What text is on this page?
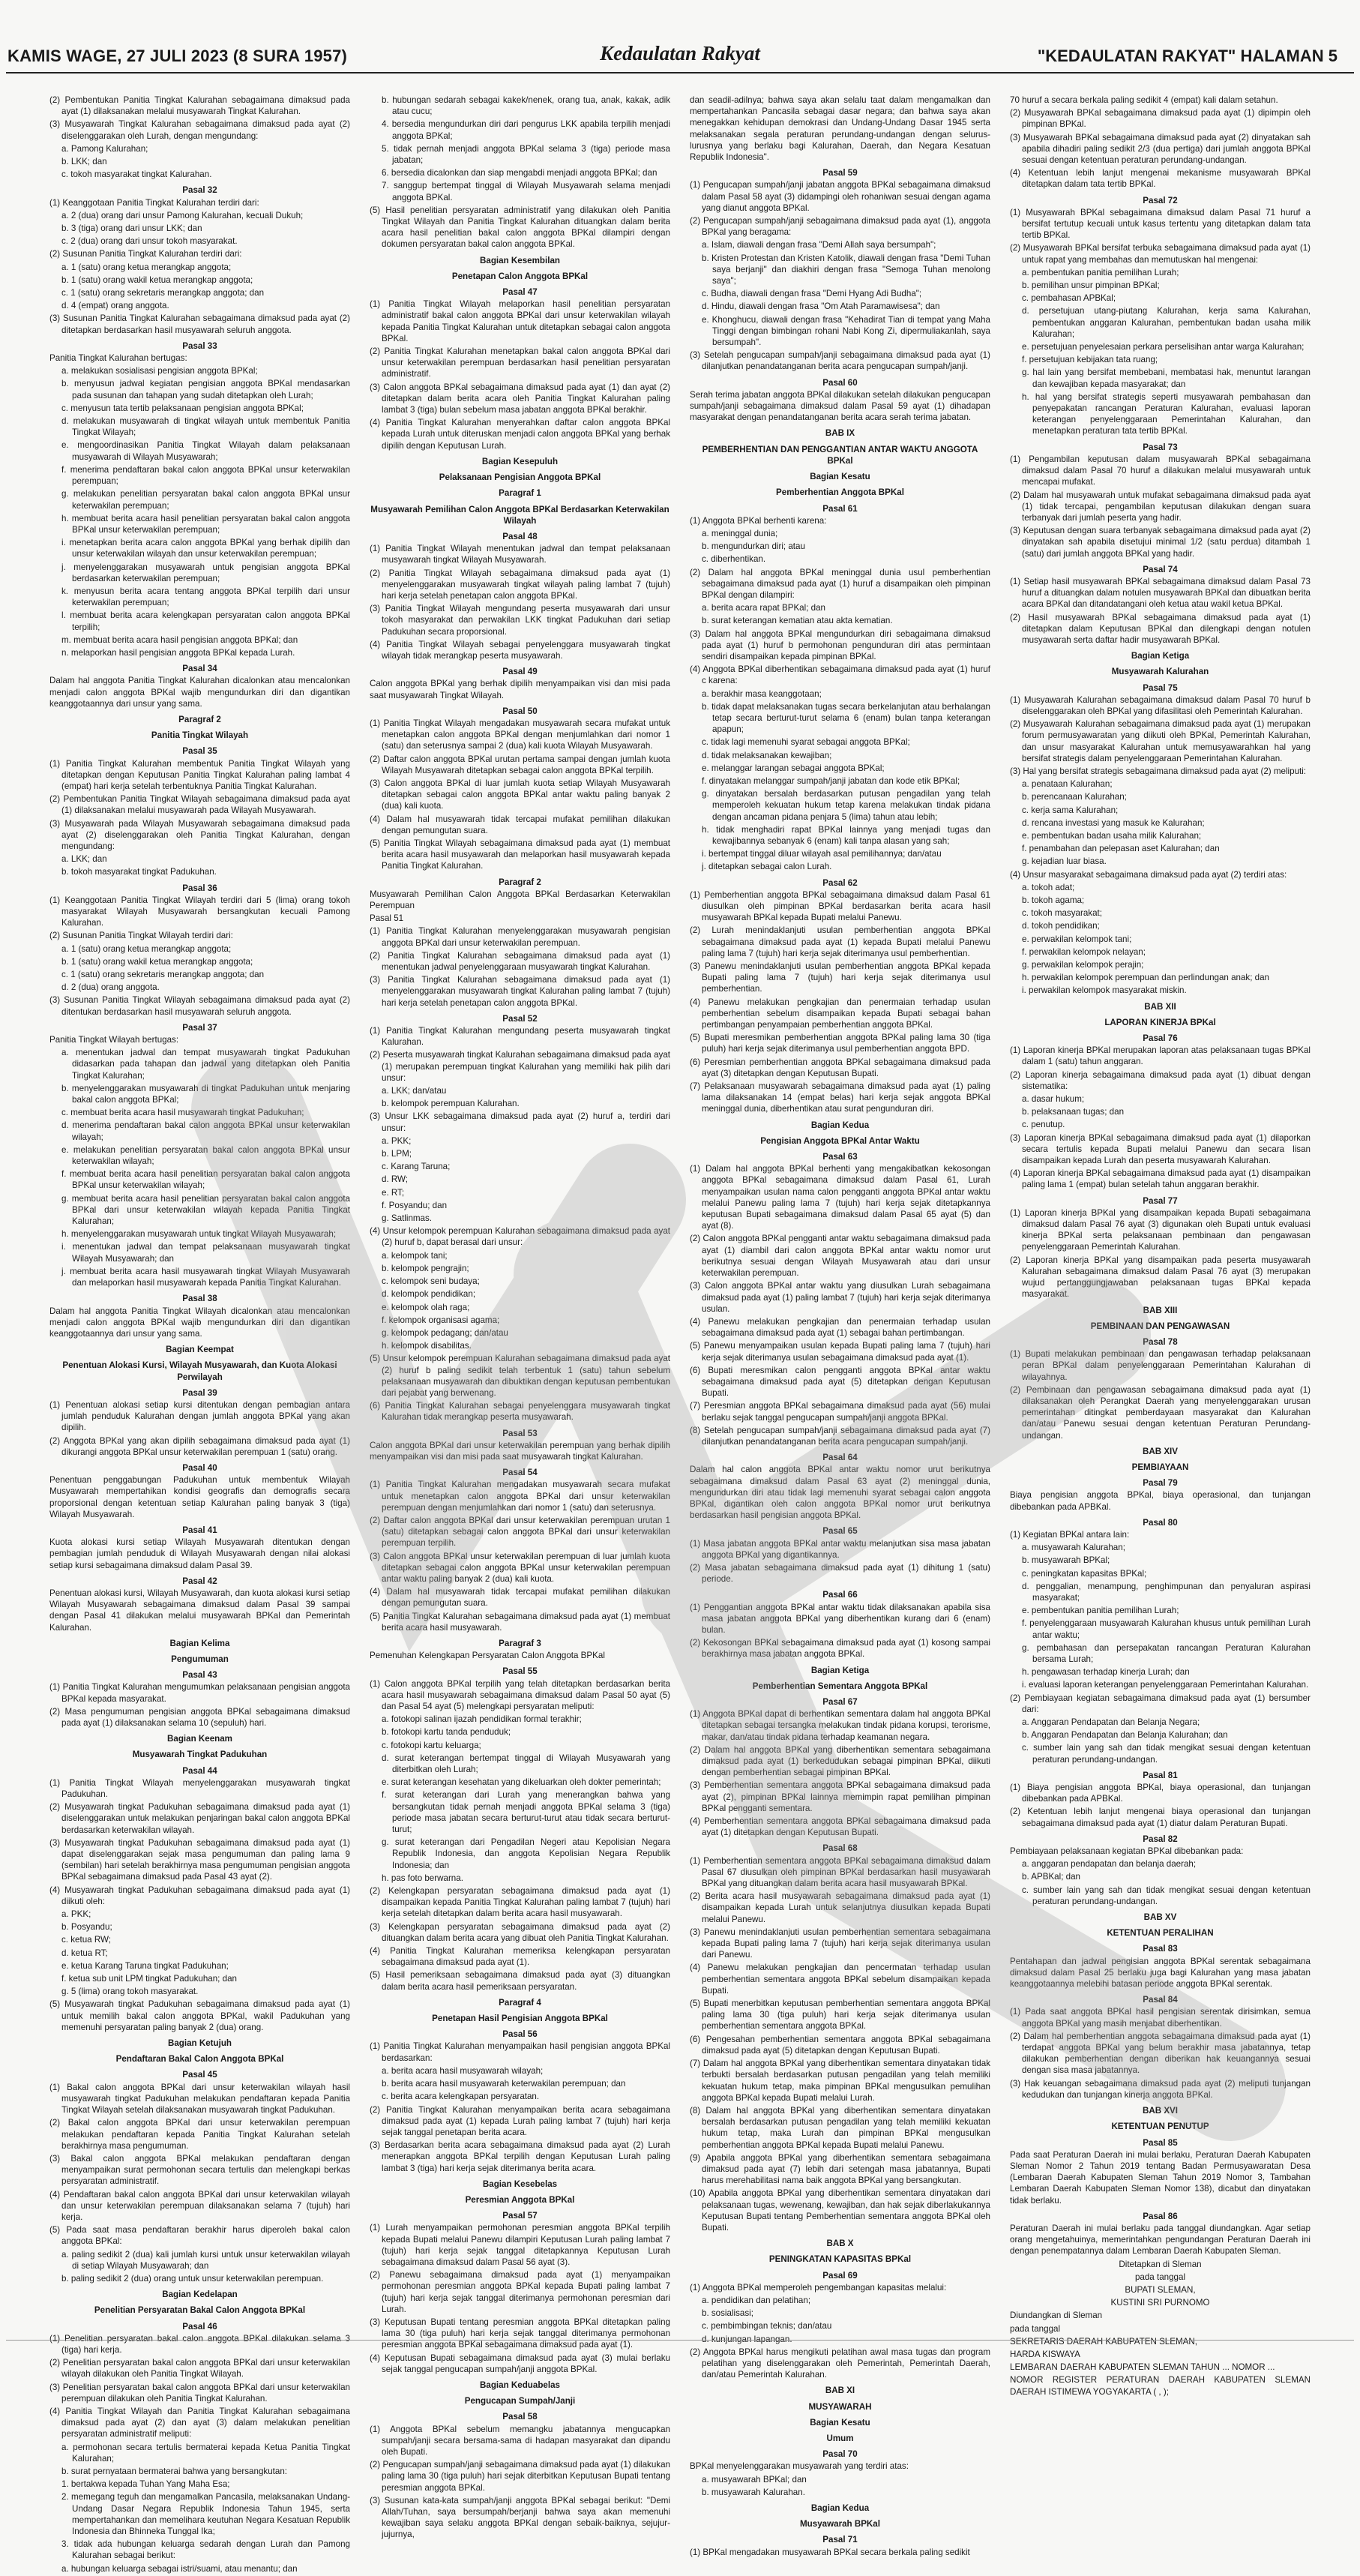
KAMIS WAGE, 27 JULI 2023 (8 SURA 1957)	Kedaulatan Rakyat	"KEDAULATAN RAKYAT" HALAMAN 5

(2) Pembentukan Panitia Tingkat Kalurahan sebagaimana dimaksud pada ayat (1) dilaksanakan melalui musyawarah Tingkat Kalurahan.

(3) Musyawarah Tingkat Kalurahan sebagaimana dimaksud pada ayat (2) diselenggarakan oleh Lurah, dengan mengundang:

a. Pamong Kalurahan;

b. LKK; dan

c. tokoh masyarakat tingkat Kalurahan.

Pasal 32

(1) Keanggotaan Panitia Tingkat Kalurahan terdiri dari:

a. 2 (dua) orang dari unsur Pamong Kalurahan, kecuali Dukuh;

b. 3 (tiga) orang dari unsur LKK; dan

c. 2 (dua) orang dari unsur tokoh masyarakat.

(2) Susunan Panitia Tingkat Kalurahan terdiri dari:

a. 1 (satu) orang ketua merangkap anggota;

b. 1 (satu) orang wakil ketua merangkap anggota;

c. 1 (satu) orang sekretaris merangkap anggota; dan

d. 4 (empat) orang anggota.

(3) Susunan Panitia Tingkat Kalurahan sebagaimana dimaksud pada ayat (2) ditetapkan berdasarkan hasil musyawarah seluruh anggota.

Pasal 33

Panitia Tingkat Kalurahan bertugas:

a. melakukan sosialisasi pengisian anggota BPKal;

b. menyusun jadwal kegiatan pengisian anggota BPKal mendasarkan pada susunan dan tahapan yang sudah ditetapkan oleh Lurah;

c. menyusun tata tertib pelaksanaan pengisian anggota BPKal;

d. melakukan musyawarah di tingkat wilayah untuk membentuk Panitia Tingkat Wilayah;

e. mengoordinasikan Panitia Tingkat Wilayah dalam pelaksanaan musyawarah di Wilayah Musyawarah;

f. menerima pendaftaran bakal calon anggota BPKal unsur keterwakilan perempuan;

g. melakukan penelitian persyaratan bakal calon anggota BPKal unsur keterwakilan perempuan;

h. membuat berita acara hasil penelitian persyaratan bakal calon anggota BPKal unsur keterwakilan perempuan;

i. menetapkan berita acara calon anggota BPKal yang berhak dipilih dan unsur keterwakilan wilayah dan unsur keterwakilan perempuan;

j. menyelenggarakan musyawarah untuk pengisian anggota BPKal berdasarkan keterwakilan perempuan;

k. menyusun berita acara tentang anggota BPKal terpilih dari unsur keterwakilan perempuan;

l. membuat berita acara kelengkapan persyaratan calon anggota BPKal terpilih;

m. membuat berita acara hasil pengisian anggota BPKal; dan

n. melaporkan hasil pengisian anggota BPKal kepada Lurah.

Pasal 34

Dalam hal anggota Panitia Tingkat Kalurahan dicalonkan atau mencalonkan menjadi calon anggota BPKal wajib mengundurkan diri dan digantikan keanggotaannya dari unsur yang sama.

Paragraf 2

Panitia Tingkat Wilayah

Pasal 35

(1) Panitia Tingkat Kalurahan membentuk Panitia Tingkat Wilayah yang ditetapkan dengan Keputusan Panitia Tingkat Kalurahan paling lambat 4 (empat) hari kerja setelah terbentuknya Panitia Tingkat Kalurahan.

(2) Pembentukan Panitia Tingkat Wilayah sebagaimana dimaksud pada ayat (1) dilaksanakan melalui musyawarah pada Wilayah Musyawarah.

(3) Musyawarah pada Wilayah Musyawarah sebagaimana dimaksud pada ayat (2) diselenggarakan oleh Panitia Tingkat Kalurahan, dengan mengundang:

a. LKK; dan

b. tokoh masyarakat tingkat Padukuhan.

Pasal 36

(1) Keanggotaan Panitia Tingkat Wilayah terdiri dari 5 (lima) orang tokoh masyarakat Wilayah Musyawarah bersangkutan kecuali Pamong Kalurahan.

(2) Susunan Panitia Tingkat Wilayah terdiri dari:

a. 1 (satu) orang ketua merangkap anggota;

b. 1 (satu) orang wakil ketua merangkap anggota;

c. 1 (satu) orang sekretaris merangkap anggota; dan

d. 2 (dua) orang anggota.

(3) Susunan Panitia Tingkat Wilayah sebagaimana dimaksud pada ayat (2) ditentukan berdasarkan hasil musyawarah seluruh anggota.

Pasal 37

Panitia Tingkat Wilayah bertugas:

a. menentukan jadwal dan tempat musyawarah tingkat Padukuhan didasarkan pada tahapan dan jadwal yang ditetapkan oleh Panitia Tingkat Kalurahan;

b. menyelenggarakan musyawarah di tingkat Padukuhan untuk menjaring bakal calon anggota BPKal;

c. membuat berita acara hasil musyawarah tingkat Padukuhan;

d. menerima pendaftaran bakal calon anggota BPKal unsur keterwakilan wilayah;

e. melakukan penelitian persyaratan bakal calon anggota BPKal unsur keterwakilan wilayah;

f. membuat berita acara hasil penelitian persyaratan bakal calon anggota BPKal unsur keterwakilan wilayah;

g. membuat berita acara hasil penelitian persyaratan bakal calon anggota BPKal dari unsur keterwakilan wilayah kepada Panitia Tingkat Kalurahan;

h. menyelenggarakan musyawarah untuk tingkat Wilayah Musyawarah;

i. menentukan jadwal dan tempat pelaksanaan musyawarah tingkat Wilayah Musyawarah; dan

j. membuat berita acara hasil musyawarah tingkat Wilayah Musyawarah dan melaporkan hasil musyawarah kepada Panitia Tingkat Kalurahan.

Pasal 38

Dalam hal anggota Panitia Tingkat Wilayah dicalonkan atau mencalonkan menjadi calon anggota BPKal wajib mengundurkan diri dan digantikan keanggotaannya dari unsur yang sama.

Bagian Keempat

Penentuan Alokasi Kursi, Wilayah Musyawarah, dan Kuota Alokasi Perwilayah

Pasal 39

(1) Penentuan alokasi setiap kursi ditentukan dengan pembagian antara jumlah penduduk Kalurahan dengan jumlah anggota BPKal yang akan dipilih.

(2) Anggota BPKal yang akan dipilih sebagaimana dimaksud pada ayat (1) dikurangi anggota BPKal unsur keterwakilan perempuan 1 (satu) orang.

Pasal 40

Penentuan penggabungan Padukuhan untuk membentuk Wilayah Musyawarah mempertahikan kondisi geografis dan demografis secara proporsional dengan ketentuan setiap Kalurahan paling banyak 3 (tiga) Wilayah Musyawarah.

Pasal 41

Kuota alokasi kursi setiap Wilayah Musyawarah ditentukan dengan pembagian jumlah penduduk di Wilayah Musyawarah dengan nilai alokasi setiap kursi sebagaimana dimaksud dalam Pasal 39.

Pasal 42

Penentuan alokasi kursi, Wilayah Musyawarah, dan kuota alokasi kursi setiap Wilayah Musyawarah sebagaimana dimaksud dalam Pasal 39 sampai dengan Pasal 41 dilakukan melalui musyawarah BPKal dan Pemerintah Kalurahan.

Bagian Kelima

Pengumuman

Pasal 43

(1) Panitia Tingkat Kalurahan mengumumkan pelaksanaan pengisian anggota BPKal kepada masyarakat.

(2) Masa pengumuman pengisian anggota BPKal sebagaimana dimaksud pada ayat (1) dilaksanakan selama 10 (sepuluh) hari.

Bagian Keenam

Musyawarah Tingkat Padukuhan

Pasal 44

(1) Panitia Tingkat Wilayah menyelenggarakan musyawarah tingkat Padukuhan.

(2) Musyawarah tingkat Padukuhan sebagaimana dimaksud pada ayat (1) diselenggarakan untuk melakukan penjaringan bakal calon anggota BPKal berdasarkan keterwakilan wilayah.

(3) Musyawarah tingkat Padukuhan sebagaimana dimaksud pada ayat (1) dapat diselenggarakan sejak masa pengumuman dan paling lama 9 (sembilan) hari setelah berakhirnya masa pengumuman pengisian anggota BPKal sebagaimana dimaksud pada Pasal 43 ayat (2).

(4) Musyawarah tingkat Padukuhan sebagaimana dimaksud pada ayat (1) diikuti oleh:

a. PKK;

b. Posyandu;

c. ketua RW;

d. ketua RT;

e. ketua Karang Taruna tingkat Padukuhan;

f. ketua sub unit LPM tingkat Padukuhan; dan

g. 5 (lima) orang tokoh masyarakat.

(5) Musyawarah tingkat Padukuhan sebagaimana dimaksud pada ayat (1) untuk memilih bakal calon anggota BPKal, wakil Padukuhan yang memenuhi persyaratan paling banyak 2 (dua) orang.

Bagian Ketujuh

Pendaftaran Bakal Calon Anggota BPKal

Pasal 45

(1) Bakal calon anggota BPKal dari unsur keterwakilan wilayah hasil musyawarah tingkat Padukuhan melakukan pendaftaran kepada Panitia Tingkat Wilayah setelah dilaksanakan musyawarah tingkat Padukuhan.

(2) Bakal calon anggota BPKal dari unsur keterwakilan perempuan melakukan pendaftaran kepada Panitia Tingkat Kalurahan setelah berakhirnya masa pengumuman.

(3) Bakal calon anggota BPKal melakukan pendaftaran dengan menyampaikan surat permohonan secara tertulis dan melengkapi berkas persyaratan administratif.

(4) Pendaftaran bakal calon anggota BPKal dari unsur keterwakilan wilayah dan unsur keterwakilan perempuan dilaksanakan selama 7 (tujuh) hari kerja.

(5) Pada saat masa pendaftaran berakhir harus diperoleh bakal calon anggota BPKal:

a. paling sedikit 2 (dua) kali jumlah kursi untuk unsur keterwakilan wilayah di setiap Wilayah Musyawarah; dan

b. paling sedikit 2 (dua) orang untuk unsur keterwakilan perempuan.

Bagian Kedelapan

Penelitian Persyaratan Bakal Calon Anggota BPKal

Pasal 46

(1) Penelitian persyaratan bakal calon anggota BPKal dilakukan selama 3 (tiga) hari kerja.

(2) Penelitian persyaratan bakal calon anggota BPKal dari unsur keterwakilan wilayah dilakukan oleh Panitia Tingkat Wilayah.

(3) Penelitian persyaratan bakal calon anggota BPKal dari unsur keterwakilan perempuan dilakukan oleh Panitia Tingkat Kalurahan.

(4) Panitia Tingkat Wilayah dan Panitia Tingkat Kalurahan sebagaimana dimaksud pada ayat (2) dan ayat (3) dalam melakukan penelitian persyaratan administratif meliputi:

a. permohonan secara tertulis bermaterai kepada Ketua Panitia Tingkat Kalurahan;

b. surat pernyataan bermaterai bahwa yang bersangkutan:

1. bertakwa kepada Tuhan Yang Maha Esa;

2. memegang teguh dan mengamalkan Pancasila, melaksanakan Undang-Undang Dasar Negara Republik Indonesia Tahun 1945, serta mempertahankan dan memelihara keutuhan Negara Kesatuan Republik Indonesia dan Bhinneka Tunggal Ika;

3. tidak ada hubungan keluarga sedarah dengan Lurah dan Pamong Kalurahan sebagai berikut:

a. hubungan keluarga sebagai istri/suami, atau menantu; dan

b. hubungan sedarah sebagai kakek/nenek, orang tua, anak, kakak, adik atau cucu;

4. bersedia mengundurkan diri dari pengurus LKK apabila terpilih menjadi anggota BPKal;

5. tidak pernah menjadi anggota BPKal selama 3 (tiga) periode masa jabatan;

6. bersedia dicalonkan dan siap mengabdi menjadi anggota BPKal; dan

7. sanggup bertempat tinggal di Wilayah Musyawarah selama menjadi anggota BPKal.

(5) Hasil penelitian persyaratan administratif yang dilakukan oleh Panitia Tingkat Wilayah dan Panitia Tingkat Kalurahan dituangkan dalam berita acara hasil penelitian bakal calon anggota BPKal dilampiri dengan dokumen persyaratan bakal calon anggota BPKal.

Bagian Kesembilan

Penetapan Calon Anggota BPKal

Pasal 47

(1) Panitia Tingkat Wilayah melaporkan hasil penelitian persyaratan administratif bakal calon anggota BPKal dari unsur keterwakilan wilayah kepada Panitia Tingkat Kalurahan untuk ditetapkan sebagai calon anggota BPKal.

(2) Panitia Tingkat Kalurahan menetapkan bakal calon anggota BPKal dari unsur keterwakilan perempuan berdasarkan hasil penelitian persyaratan administratif.

(3) Calon anggota BPKal sebagaimana dimaksud pada ayat (1) dan ayat (2) ditetapkan dalam berita acara oleh Panitia Tingkat Kalurahan paling lambat 3 (tiga) bulan sebelum masa jabatan anggota BPKal berakhir.

(4) Panitia Tingkat Kalurahan menyerahkan daftar calon anggota BPKal kepada Lurah untuk diteruskan menjadi calon anggota BPKal yang berhak dipilih dengan Keputusan Lurah.

Bagian Kesepuluh

Pelaksanaan Pengisian Anggota BPKal

Paragraf 1

Musyawarah Pemilihan Calon Anggota BPKal Berdasarkan Keterwakilan Wilayah

Pasal 48

(1) Panitia Tingkat Wilayah menentukan jadwal dan tempat pelaksanaan musyawarah tingkat Wilayah Musyawarah.

(2) Panitia Tingkat Wilayah sebagaimana dimaksud pada ayat (1) menyelenggarakan musyawarah tingkat wilayah paling lambat 7 (tujuh) hari kerja setelah penetapan calon anggota BPKal.

(3) Panitia Tingkat Wilayah mengundang peserta musyawarah dari unsur tokoh masyarakat dan perwakilan LKK tingkat Padukuhan dari setiap Padukuhan secara proporsional.

(4) Panitia Tingkat Wilayah sebagai penyelenggara musyawarah tingkat wilayah tidak merangkap peserta musyawarah.

Pasal 49

Calon anggota BPKal yang berhak dipilih menyampaikan visi dan misi pada saat musyawarah Tingkat Wilayah.

Pasal 50

(1) Panitia Tingkat Wilayah mengadakan musyawarah secara mufakat untuk menetapkan calon anggota BPKal dengan menjumlahkan dari nomor 1 (satu) dan seterusnya sampai 2 (dua) kali kuota Wilayah Musyawarah.

(2) Daftar calon anggota BPKal urutan pertama sampai dengan jumlah kuota Wilayah Musyawarah ditetapkan sebagai calon anggota BPKal terpilih.

(3) Calon anggota BPKal di luar jumlah kuota setiap Wilayah Musyawarah ditetapkan sebagai calon anggota BPKal antar waktu paling banyak 2 (dua) kali kuota.

(4) Dalam hal musyawarah tidak tercapai mufakat pemilihan dilakukan dengan pemungutan suara.

(5) Panitia Tingkat Wilayah sebagaimana dimaksud pada ayat (1) membuat berita acara hasil musyawarah dan melaporkan hasil musyawarah kepada Panitia Tingkat Kalurahan.

Paragraf 2

Musyawarah Pemilihan Calon Anggota BPKal Berdasarkan Keterwakilan Perempuan

Pasal 51

(1) Panitia Tingkat Kalurahan menyelenggarakan musyawarah pengisian anggota BPKal dari unsur keterwakilan perempuan.

(2) Panitia Tingkat Kalurahan sebagaimana dimaksud pada ayat (1) menentukan jadwal penyelenggaraan musyawarah tingkat Kalurahan.

(3) Panitia Tingkat Kalurahan sebagaimana dimaksud pada ayat (1) menyelenggarakan musyawarah tingkat Kalurahan paling lambat 7 (tujuh) hari kerja setelah penetapan calon anggota BPKal.

Pasal 52

(1) Panitia Tingkat Kalurahan mengundang peserta musyawarah tingkat Kalurahan.

(2) Peserta musyawarah tingkat Kalurahan sebagaimana dimaksud pada ayat (1) merupakan perempuan tingkat Kalurahan yang memiliki hak pilih dari unsur:

a. LKK; dan/atau

b. kelompok perempuan Kalurahan.

(3) Unsur LKK sebagaimana dimaksud pada ayat (2) huruf a, terdiri dari unsur:

a. PKK;

b. LPM;

c. Karang Taruna;

d. RW;

e. RT;

f. Posyandu; dan

g. Satlinmas.

(4) Unsur kelompok perempuan Kalurahan sebagaimana dimaksud pada ayat (2) huruf b, dapat berasal dari unsur:

a. kelompok tani;

b. kelompok pengrajin;

c. kelompok seni budaya;

d. kelompok pendidikan;

e. kelompok olah raga;

f. kelompok organisasi agama;

g. kelompok pedagang; dan/atau

h. kelompok disabilitas.

(5) Unsur kelompok perempuan Kalurahan sebagaimana dimaksud pada ayat (2) huruf b paling sedikit telah terbentuk 1 (satu) tahun sebelum pelaksanaan musyawarah dan dibuktikan dengan keputusan pembentukan dari pejabat yang berwenang.

(6) Panitia Tingkat Kalurahan sebagai penyelenggara musyawarah tingkat Kalurahan tidak merangkap peserta musyawarah.

Pasal 53

Calon anggota BPKal dari unsur keterwakilan perempuan yang berhak dipilih menyampaikan visi dan misi pada saat musyawarah tingkat Kalurahan.

Pasal 54

(1) Panitia Tingkat Kalurahan mengadakan musyawarah secara mufakat untuk menetapkan calon anggota BPKal dari unsur keterwakilan perempuan dengan menjumlahkan dari nomor 1 (satu) dan seterusnya.

(2) Daftar calon anggota BPKal dari unsur keterwakilan perempuan urutan 1 (satu) ditetapkan sebagai calon anggota BPKal dari unsur keterwakilan perempuan terpilih.

(3) Calon anggota BPKal unsur keterwakilan perempuan di luar jumlah kuota ditetapkan sebagai calon anggota BPKal unsur keterwakilan perempuan antar waktu paling banyak 2 (dua) kali kuota.

(4) Dalam hal musyawarah tidak tercapai mufakat pemilihan dilakukan dengan pemungutan suara.

(5) Panitia Tingkat Kalurahan sebagaimana dimaksud pada ayat (1) membuat berita acara hasil musyawarah.

Paragraf 3

Pemenuhan Kelengkapan Persyaratan Calon Anggota BPKal

Pasal 55

(1) Calon anggota BPKal terpilih yang telah ditetapkan berdasarkan berita acara hasil musyawarah sebagaimana dimaksud dalam Pasal 50 ayat (5) dan Pasal 54 ayat (5) melengkapi persyaratan meliputi:

a. fotokopi salinan ijazah pendidikan formal terakhir;

b. fotokopi kartu tanda penduduk;

c. fotokopi kartu keluarga;

d. surat keterangan bertempat tinggal di Wilayah Musyawarah yang diterbitkan oleh Lurah;

e. surat keterangan kesehatan yang dikeluarkan oleh dokter pemerintah;

f. surat keterangan dari Lurah yang menerangkan bahwa yang bersangkutan tidak pernah menjadi anggota BPKal selama 3 (tiga) periode masa jabatan secara berturut-turut atau tidak secara berturut-turut;

g. surat keterangan dari Pengadilan Negeri atau Kepolisian Negara Republik Indonesia, dan anggota Kepolisian Negara Republik Indonesia; dan

h. pas foto berwarna.

(2) Kelengkapan persyaratan sebagaimana dimaksud pada ayat (1) disampaikan kepada Panitia Tingkat Kalurahan paling lambat 7 (tujuh) hari kerja setelah ditetapkan dalam berita acara hasil musyawarah.

(3) Kelengkapan persyaratan sebagaimana dimaksud pada ayat (2) dituangkan dalam berita acara yang dibuat oleh Panitia Tingkat Kalurahan.

(4) Panitia Tingkat Kalurahan memeriksa kelengkapan persyaratan sebagaimana dimaksud pada ayat (1).

(5) Hasil pemeriksaan sebagaimana dimaksud pada ayat (3) dituangkan dalam berita acara hasil pemeriksaan persyaratan.

Paragraf 4

Penetapan Hasil Pengisian Anggota BPKal

Pasal 56

(1) Panitia Tingkat Kalurahan menyampaikan hasil pengisian anggota BPKal berdasarkan:

a. berita acara hasil musyawarah wilayah;

b. berita acara hasil musyawarah keterwakilan perempuan; dan

c. berita acara kelengkapan persyaratan.

(2) Panitia Tingkat Kalurahan menyampaikan berita acara sebagaimana dimaksud pada ayat (1) kepada Lurah paling lambat 7 (tujuh) hari kerja sejak tanggal penetapan berita acara.

(3) Berdasarkan berita acara sebagaimana dimaksud pada ayat (2) Lurah menerapkan anggota BPKal terpilih dengan Keputusan Lurah paling lambat 3 (tiga) hari kerja sejak diterimanya berita acara.

Bagian Kesebelas

Peresmian Anggota BPKal

Pasal 57

(1) Lurah menyampaikan permohonan peresmian anggota BPKal terpilih kepada Bupati melalui Panewu dilampiri Keputusan Lurah paling lambat 7 (tujuh) hari kerja sejak tanggal ditetapkannya Keputusan Lurah sebagaimana dimaksud dalam Pasal 56 ayat (3).

(2) Panewu sebagaimana dimaksud pada ayat (1) menyampaikan permohonan peresmian anggota BPKal kepada Bupati paling lambat 7 (tujuh) hari kerja sejak tanggal diterimanya permohonan peresmian dari Lurah.

(3) Keputusan Bupati tentang peresmian anggota BPKal ditetapkan paling lama 30 (tiga puluh) hari kerja sejak tanggal diterimanya permohonan peresmian anggota BPKal sebagaimana dimaksud pada ayat (1).

(4) Keputusan Bupati sebagaimana dimaksud pada ayat (3) mulai berlaku sejak tanggal pengucapan sumpah/janji anggota BPKal.

Bagian Keduabelas

Pengucapan Sumpah/Janji

Pasal 58

(1) Anggota BPKal sebelum memangku jabatannya mengucapkan sumpah/janji secara bersama-sama di hadapan masyarakat dan dipandu oleh Bupati.

(2) Pengucapan sumpah/janji sebagaimana dimaksud pada ayat (1) dilakukan paling lama 30 (tiga puluh) hari sejak diterbitkan Keputusan Bupati tentang peresmian anggota BPKal.

(3) Susunan kata-kata sumpah/janji anggota BPKal sebagai berikut: "Demi Allah/Tuhan, saya bersumpah/berjanji bahwa saya akan memenuhi kewajiban saya selaku anggota BPKal dengan sebaik-baiknya, sejujur-jujurnya,

dan seadil-adilnya; bahwa saya akan selalu taat dalam mengamalkan dan mempertahankan Pancasila sebagai dasar negara; dan bahwa saya akan menegakkan kehidupan demokrasi dan Undang-Undang Dasar 1945 serta melaksanakan segala peraturan perundang-undangan dengan selurus-lurusnya yang berlaku bagi Kalurahan, Daerah, dan Negara Kesatuan Republik Indonesia".

Pasal 59

(1) Pengucapan sumpah/janji jabatan anggota BPKal sebagaimana dimaksud dalam Pasal 58 ayat (3) didampingi oleh rohaniwan sesuai dengan agama yang dianut anggota BPKal.

(2) Pengucapan sumpah/janji sebagaimana dimaksud pada ayat (1), anggota BPKal yang beragama:

a. Islam, diawali dengan frasa "Demi Allah saya bersumpah";

b. Kristen Protestan dan Kristen Katolik, diawali dengan frasa "Demi Tuhan saya berjanji" dan diakhiri dengan frasa "Semoga Tuhan menolong saya";

c. Budha, diawali dengan frasa "Demi Hyang Adi Budha";

d. Hindu, diawali dengan frasa "Om Atah Paramawisesa"; dan

e. Khonghucu, diawali dengan frasa "Kehadirat Tian di tempat yang Maha Tinggi dengan bimbingan rohani Nabi Kong Zi, dipermuliakanlah, saya bersumpah".

(3) Setelah pengucapan sumpah/janji sebagaimana dimaksud pada ayat (1) dilanjutkan penandatanganan berita acara pengucapan sumpah/janji.

Pasal 60

Serah terima jabatan anggota BPKal dilakukan setelah dilakukan pengucapan sumpah/janji sebagaimana dimaksud dalam Pasal 59 ayat (1) dihadapan masyarakat dengan penandatanganan berita acara serah terima jabatan.

BAB IX

PEMBERHENTIAN DAN PENGGANTIAN ANTAR WAKTU ANGGOTA BPKal

Bagian Kesatu

Pemberhentian Anggota BPKal

Pasal 61

(1) Anggota BPKal berhenti karena:

a. meninggal dunia;

b. mengundurkan diri; atau

c. diberhentikan.

(2) Dalam hal anggota BPKal meninggal dunia usul pemberhentian sebagaimana dimaksud pada ayat (1) huruf a disampaikan oleh pimpinan BPKal dengan dilampiri:

a. berita acara rapat BPKal; dan

b. surat keterangan kematian atau akta kematian.

(3) Dalam hal anggota BPKal mengundurkan diri sebagaimana dimaksud pada ayat (1) huruf b permohonan pengunduran diri atas permintaan sendiri disampaikan kepada pimpinan BPKal.

(4) Anggota BPKal diberhentikan sebagaimana dimaksud pada ayat (1) huruf c karena:

a. berakhir masa keanggotaan;

b. tidak dapat melaksanakan tugas secara berkelanjutan atau berhalangan tetap secara berturut-turut selama 6 (enam) bulan tanpa keterangan apapun;

c. tidak lagi memenuhi syarat sebagai anggota BPKal;

d. tidak melaksanakan kewajiban;

e. melanggar larangan sebagai anggota BPKal;

f. dinyatakan melanggar sumpah/janji jabatan dan kode etik BPKal;

g. dinyatakan bersalah berdasarkan putusan pengadilan yang telah memperoleh kekuatan hukum tetap karena melakukan tindak pidana dengan ancaman pidana penjara 5 (lima) tahun atau lebih;

h. tidak menghadiri rapat BPKal lainnya yang menjadi tugas dan kewajibannya sebanyak 6 (enam) kali tanpa alasan yang sah;

i. bertempat tinggal diluar wilayah asal pemilihannya; dan/atau

j. ditetapkan sebagai calon Lurah.

Pasal 62

(1) Pemberhentian anggota BPKal sebagaimana dimaksud dalam Pasal 61 diusulkan oleh pimpinan BPKal berdasarkan berita acara hasil musyawarah BPKal kepada Bupati melalui Panewu.

(2) Lurah menindaklanjuti usulan pemberhentian anggota BPKal sebagaimana dimaksud pada ayat (1) kepada Bupati melalui Panewu paling lama 7 (tujuh) hari kerja sejak diterimanya usul pemberhentian.

(3) Panewu menindaklanjuti usulan pemberhentian anggota BPKal kepada Bupati paling lama 7 (tujuh) hari kerja sejak diterimanya usul pemberhentian.

(4) Panewu melakukan pengkajian dan penermaian terhadap usulan pemberhentian sebelum disampaikan kepada Bupati sebagai bahan pertimbangan penyampaian pemberhentian anggota BPKal.

(5) Bupati meresmikan pemberhentian anggota BPKal paling lama 30 (tiga puluh) hari kerja sejak diterimanya usul pemberhentian anggota BPD.

(6) Peresmian pemberhentian anggota BPKal sebagaimana dimaksud pada ayat (3) ditetapkan dengan Keputusan Bupati.

(7) Pelaksanaan musyawarah sebagaimana dimaksud pada ayat (1) paling lama dilaksanakan 14 (empat belas) hari kerja sejak anggota BPKal meninggal dunia, diberhentikan atau surat pengunduran diri.

Bagian Kedua

Pengisian Anggota BPKal Antar Waktu

Pasal 63

(1) Dalam hal anggota BPKal berhenti yang mengakibatkan kekosongan anggota BPKal sebagaimana dimaksud dalam Pasal 61, Lurah menyampaikan usulan nama calon pengganti anggota BPKal antar waktu melalui Panewu paling lama 7 (tujuh) hari kerja sejak ditetapkannya keputusan Bupati sebagaimana dimaksud dalam Pasal 65 ayat (5) dan ayat (8).

(2) Calon anggota BPKal pengganti antar waktu sebagaimana dimaksud pada ayat (1) diambil dari calon anggota BPKal antar waktu nomor urut berikutnya sesuai dengan Wilayah Musyawarah atau dari unsur keterwakilan perempuan.

(3) Calon anggota BPKal antar waktu yang diusulkan Lurah sebagaimana dimaksud pada ayat (1) paling lambat 7 (tujuh) hari kerja sejak diterimanya usulan.

(4) Panewu melakukan pengkajian dan penermaian terhadap usulan sebagaimana dimaksud pada ayat (1) sebagai bahan pertimbangan.

(5) Panewu menyampaikan usulan kepada Bupati paling lama 7 (tujuh) hari kerja sejak diterimanya usulan sebagaimana dimaksud pada ayat (1).

(6) Bupati meresmikan calon pengganti anggota BPKal antar waktu sebagaimana dimaksud pada ayat (5) ditetapkan dengan Keputusan Bupati.

(7) Peresmian anggota BPKal sebagaimana dimaksud pada ayat (56) mulai berlaku sejak tanggal pengucapan sumpah/janji anggota BPKal.

(8) Setelah pengucapan sumpah/janji sebagaimana dimaksud pada ayat (7) dilanjutkan penandatanganan berita acara pengucapan sumpah/janji.

Pasal 64

Dalam hal calon anggota BPKal antar waktu nomor urut berikutnya sebagaimana dimaksud dalam Pasal 63 ayat (2) meninggal dunia, mengundurkan diri atau tidak lagi memenuhi syarat sebagai calon anggota BPKal, digantikan oleh calon anggota BPKal nomor urut berikutnya berdasarkan hasil pengisian anggota BPKal.

Pasal 65

(1) Masa jabatan anggota BPKal antar waktu melanjutkan sisa masa jabatan anggota BPKal yang digantikannya.

(2) Masa jabatan sebagaimana dimaksud pada ayat (1) dihitung 1 (satu) periode.

Pasal 66

(1) Penggantian anggota BPKal antar waktu tidak dilaksanakan apabila sisa masa jabatan anggota BPKal yang diberhentikan kurang dari 6 (enam) bulan.

(2) Kekosongan BPKal sebagaimana dimaksud pada ayat (1) kosong sampai berakhirnya masa jabatan anggota BPKal.

Bagian Ketiga

Pemberhentian Sementara Anggota BPKal

Pasal 67

(1) Anggota BPKal dapat di berhentikan sementara dalam hal anggota BPKal ditetapkan sebagai tersangka melakukan tindak pidana korupsi, terorisme, makar, dan/atau tindak pidana terhadap keamanan negara.

(2) Dalam hal anggota BPKal yang diberhentikan sementara sebagaimana dimaksud pada ayat (1) berkedudukan sebagai pimpinan BPKal, diikuti dengan pemberhentian sebagai pimpinan BPKal.

(3) Pemberhentian sementara anggota BPKal sebagaimana dimaksud pada ayat (2), pimpinan BPKal lainnya memimpin rapat pemilihan pimpinan BPKal pengganti sementara.

(4) Pemberhentian sementara anggota BPKal sebagaimana dimaksud pada ayat (1) ditetapkan dengan Keputusan Bupati.

Pasal 68

(1) Pemberhentian sementara anggota BPKal sebagaimana dimaksud dalam Pasal 67 diusulkan oleh pimpinan BPKal berdasarkan hasil musyawarah BPKal yang dituangkan dalam berita acara hasil musyawarah BPKal.

(2) Berita acara hasil musyawarah sebagaimana dimaksud pada ayat (1) disampaikan kepada Lurah untuk selanjutnya diusulkan kepada Bupati melalui Panewu.

(3) Panewu menindaklanjuti usulan pemberhentian sementara sebagaimana kepada Bupati paling lama 7 (tujuh) hari kerja sejak diterimanya usulan dari Panewu.

(4) Panewu melakukan pengkajian dan pencermatan terhadap usulan pemberhentian sementara anggota BPKal sebelum disampaikan kepada Bupati.

(5) Bupati menerbitkan keputusan pemberhentian sementara anggota BPKal paling lama 30 (tiga puluh) hari kerja sejak diterimanya usulan pemberhentian sementara anggota BPKal.

(6) Pengesahan pemberhentian sementara anggota BPKal sebagaimana dimaksud pada ayat (5) ditetapkan dengan Keputusan Bupati.

(7) Dalam hal anggota BPKal yang diberhentikan sementara dinyatakan tidak terbukti bersalah berdasarkan putusan pengadilan yang telah memiliki kekuatan hukum tetap, maka pimpinan BPKal mengusulkan pemulihan anggota BPKal kepada Bupati melalui Lurah.

(8) Dalam hal anggota BPKal yang diberhentikan sementara dinyatakan bersalah berdasarkan putusan pengadilan yang telah memiliki kekuatan hukum tetap, maka Lurah dan pimpinan BPKal mengusulkan pemberhentian anggota BPKal kepada Bupati melalui Panewu.

(9) Apabila anggota BPKal yang diberhentikan sementara sebagaimana dimaksud pada ayat (7) lebih dari setengah masa jabatannya, Bupati harus merehabilitasi nama baik anggota BPKal yang bersangkutan.

(10) Apabila anggota BPKal yang diberhentikan sementara dinyatakan dari pelaksanaan tugas, wewenang, kewajiban, dan hak sejak diberlakukannya Keputusan Bupati tentang Pemberhentian sementara anggota BPKal oleh Bupati.

BAB X

PENINGKATAN KAPASITAS BPKal

Pasal 69

(1) Anggota BPKal memperoleh pengembangan kapasitas melalui:

a. pendidikan dan pelatihan;

b. sosialisasi;

c. pembimbingan teknis; dan/atau

d. kunjungan lapangan.

(2) Anggota BPKal harus mengikuti pelatihan awal masa tugas dan program pelatihan yang diselenggarakan oleh Pemerintah, Pemerintah Daerah, dan/atau Pemerintah Kalurahan.

BAB XI

MUSYAWARAH

Bagian Kesatu

Umum

Pasal 70

BPKal menyelenggarakan musyawarah yang terdiri atas:

a. musyawarah BPKal; dan

b. musyawarah Kalurahan.

Bagian Kedua

Musyawarah BPKal

Pasal 71

(1) BPKal mengadakan musyawarah BPKal secara berkala paling sedikit

70 huruf a secara berkala paling sedikit 4 (empat) kali dalam setahun.

(2) Musyawarah BPKal sebagaimana dimaksud pada ayat (1) dipimpin oleh pimpinan BPKal.

(3) Musyawarah BPKal sebagaimana dimaksud pada ayat (2) dinyatakan sah apabila dihadiri paling sedikit 2/3 (dua pertiga) dari jumlah anggota BPKal sesuai dengan ketentuan peraturan perundang-undangan.

(4) Ketentuan lebih lanjut mengenai mekanisme musyawarah BPKal ditetapkan dalam tata tertib BPKal.

Pasal 72

(1) Musyawarah BPKal sebagaimana dimaksud dalam Pasal 71 huruf a bersifat tertutup kecuali untuk kasus tertentu yang ditetapkan dalam tata tertib BPKal.

(2) Musyawarah BPKal bersifat terbuka sebagaimana dimaksud pada ayat (1) untuk rapat yang membahas dan memutuskan hal mengenai:

a. pembentukan panitia pemilihan Lurah;

b. pemilihan unsur pimpinan BPKal;

c. pembahasan APBKal;

d. persetujuan utang-piutang Kalurahan, kerja sama Kalurahan, pembentukan anggaran Kalurahan, pembentukan badan usaha milik Kalurahan;

e. persetujuan penyelesaian perkara perselisihan antar warga Kalurahan;

f. persetujuan kebijakan tata ruang;

g. hal lain yang bersifat membebani, membatasi hak, menuntut larangan dan kewajiban kepada masyarakat; dan

h. hal yang bersifat strategis seperti musyawarah pembahasan dan penyepakatan rancangan Peraturan Kalurahan, evaluasi laporan keterangan penyelenggaraan Pemerintahan Kalurahan, dan menetapkan peraturan tata tertib BPKal.

Pasal 73

(1) Pengambilan keputusan dalam musyawarah BPKal sebagaimana dimaksud dalam Pasal 70 huruf a dilakukan melalui musyawarah untuk mencapai mufakat.

(2) Dalam hal musyawarah untuk mufakat sebagaimana dimaksud pada ayat (1) tidak tercapai, pengambilan keputusan dilakukan dengan suara terbanyak dari jumlah peserta yang hadir.

(3) Keputusan dengan suara terbanyak sebagaimana dimaksud pada ayat (2) dinyatakan sah apabila disetujui minimal 1/2 (satu perdua) ditambah 1 (satu) dari jumlah anggota BPKal yang hadir.

Pasal 74

(1) Setiap hasil musyawarah BPKal sebagaimana dimaksud dalam Pasal 73 huruf a dituangkan dalam notulen musyawarah BPKal dan dibuatkan berita acara BPKal dan ditandatangani oleh ketua atau wakil ketua BPKal.

(2) Hasil musyawarah BPKal sebagaimana dimaksud pada ayat (1) ditetapkan dalam Keputusan BPKal dan dilengkapi dengan notulen musyawarah serta daftar hadir musyawarah BPKal.

Bagian Ketiga

Musyawarah Kalurahan

Pasal 75

(1) Musyawarah Kalurahan sebagaimana dimaksud dalam Pasal 70 huruf b diselenggarakan oleh BPKal yang difasilitasi oleh Pemerintah Kalurahan.

(2) Musyawarah Kalurahan sebagaimana dimaksud pada ayat (1) merupakan forum permusyawaratan yang diikuti oleh BPKal, Pemerintah Kalurahan, dan unsur masyarakat Kalurahan untuk memusyawarahkan hal yang bersifat strategis dalam penyelenggaraan Pemerintahan Kalurahan.

(3) Hal yang bersifat strategis sebagaimana dimaksud pada ayat (2) meliputi:

a. penataan Kalurahan;

b. perencanaan Kalurahan;

c. kerja sama Kalurahan;

d. rencana investasi yang masuk ke Kalurahan;

e. pembentukan badan usaha milik Kalurahan;

f. penambahan dan pelepasan aset Kalurahan; dan

g. kejadian luar biasa.

(4) Unsur masyarakat sebagaimana dimaksud pada ayat (2) terdiri atas:

a. tokoh adat;

b. tokoh agama;

c. tokoh masyarakat;

d. tokoh pendidikan;

e. perwakilan kelompok tani;

f. perwakilan kelompok nelayan;

g. perwakilan kelompok perajin;

h. perwakilan kelompok perempuan dan perlindungan anak; dan

i. perwakilan kelompok masyarakat miskin.

BAB XII

LAPORAN KINERJA BPKal

Pasal 76

(1) Laporan kinerja BPKal merupakan laporan atas pelaksanaan tugas BPKal dalam 1 (satu) tahun anggaran.

(2) Laporan kinerja sebagaimana dimaksud pada ayat (1) dibuat dengan sistematika:

a. dasar hukum;

b. pelaksanaan tugas; dan

c. penutup.

(3) Laporan kinerja BPKal sebagaimana dimaksud pada ayat (1) dilaporkan secara tertulis kepada Bupati melalui Panewu dan secara lisan disampaikan kepada Lurah dan peserta musyawarah Kalurahan.

(4) Laporan kinerja BPKal sebagaimana dimaksud pada ayat (1) disampaikan paling lama 1 (empat) bulan setelah tahun anggaran berakhir.

Pasal 77

(1) Laporan kinerja BPKal yang disampaikan kepada Bupati sebagaimana dimaksud dalam Pasal 76 ayat (3) digunakan oleh Bupati untuk evaluasi kinerja BPKal serta pelaksanaan pembinaan dan pengawasan penyelenggaraan Pemerintah Kalurahan.

(2) Laporan kinerja BPKal yang disampaikan pada peserta musyawarah Kalurahan sebagaimana dimaksud dalam Pasal 76 ayat (3) merupakan wujud pertanggungjawaban pelaksanaan tugas BPKal kepada masyarakat.

BAB XIII

PEMBINAAN DAN PENGAWASAN

Pasal 78

(1) Bupati melakukan pembinaan dan pengawasan terhadap pelaksanaan peran BPKal dalam penyelenggaraan Pemerintahan Kalurahan di wilayahnya.

(2) Pembinaan dan pengawasan sebagaimana dimaksud pada ayat (1) dilaksanakan oleh Perangkat Daerah yang menyelenggarakan urusan pemerintahan ditingkat pemberdayaan masyarakat dan Kalurahan dan/atau Panewu sesuai dengan ketentuan Peraturan Perundang-undangan.

BAB XIV

PEMBIAYAAN

Pasal 79

Biaya pengisian anggota BPKal, biaya operasional, dan tunjangan dibebankan pada APBKal.

Pasal 80

(1) Kegiatan BPKal antara lain:

a. musyawarah Kalurahan;

b. musyawarah BPKal;

c. peningkatan kapasitas BPKal;

d. penggalian, menampung, penghimpunan dan penyaluran aspirasi masyarakat;

e. pembentukan panitia pemilihan Lurah;

f. penyelenggaraan musyawarah Kalurahan khusus untuk pemilihan Lurah antar waktu;

g. pembahasan dan persepakatan rancangan Peraturan Kalurahan bersama Lurah;

h. pengawasan terhadap kinerja Lurah; dan

i. evaluasi laporan keterangan penyelenggaraan Pemerintahan Kalurahan.

(2) Pembiayaan kegiatan sebagaimana dimaksud pada ayat (1) bersumber dari:

a. Anggaran Pendapatan dan Belanja Negara;

b. Anggaran Pendapatan dan Belanja Kalurahan; dan

c. sumber lain yang sah dan tidak mengikat sesuai dengan ketentuan peraturan perundang-undangan.

Pasal 81

(1) Biaya pengisian anggota BPKal, biaya operasional, dan tunjangan dibebankan pada APBKal.

(2) Ketentuan lebih lanjut mengenai biaya operasional dan tunjangan sebagaimana dimaksud pada ayat (1) diatur dalam Peraturan Bupati.

Pasal 82

Pembiayaan pelaksanaan kegiatan BPKal dibebankan pada:

a. anggaran pendapatan dan belanja daerah;

b. APBKal; dan

c. sumber lain yang sah dan tidak mengikat sesuai dengan ketentuan peraturan perundang-undangan.

BAB XV

KETENTUAN PERALIHAN

Pasal 83

Pentahapan dan jadwal pengisian anggota BPKal serentak sebagaimana dimaksud dalam Pasal 25 berlaku juga bagi Kalurahan yang masa jabatan keanggotaannya melebihi batasan periode anggota BPKal serentak.

Pasal 84

(1) Pada saat anggota BPKal hasil pengisian serentak dirisimkan, semua anggota BPKal yang masih menjabat diberhentikan.

(2) Dalam hal pemberhentian anggota sebagaimana dimaksud pada ayat (1) terdapat anggota BPKal yang belum berakhir masa jabatannya, tetap dilakukan pemberhentian dengan diberikan hak keuangannya sesuai dengan sisa masa jabatannya.

(3) Hak keuangan sebagaimana dimaksud pada ayat (2) meliputi tunjangan kedudukan dan tunjangan kinerja anggota BPKal.

BAB XVI

KETENTUAN PENUTUP

Pasal 85

Pada saat Peraturan Daerah ini mulai berlaku, Peraturan Daerah Kabupaten Sleman Nomor 2 Tahun 2019 tentang Badan Permusyawaratan Desa (Lembaran Daerah Kabupaten Sleman Tahun 2019 Nomor 3, Tambahan Lembaran Daerah Kabupaten Sleman Nomor 138), dicabut dan dinyatakan tidak berlaku.

Pasal 86

Peraturan Daerah ini mulai berlaku pada tanggal diundangkan. Agar setiap orang mengetahuinya, memerintahkan pengundangan Peraturan Daerah ini dengan penempatannya dalam Lembaran Daerah Kabupaten Sleman.

Ditetapkan di Sleman

pada tanggal

BUPATI SLEMAN,

KUSTINI SRI PURNOMO

Diundangkan di Sleman

pada tanggal

SEKRETARIS DAERAH KABUPATEN SLEMAN,

HARDA KISWAYA

LEMBARAN DAERAH KABUPATEN SLEMAN TAHUN ... NOMOR ...

NOMOR REGISTER PERATURAN DAERAH KABUPATEN SLEMAN DAERAH ISTIMEWA YOGYAKARTA ( , );
